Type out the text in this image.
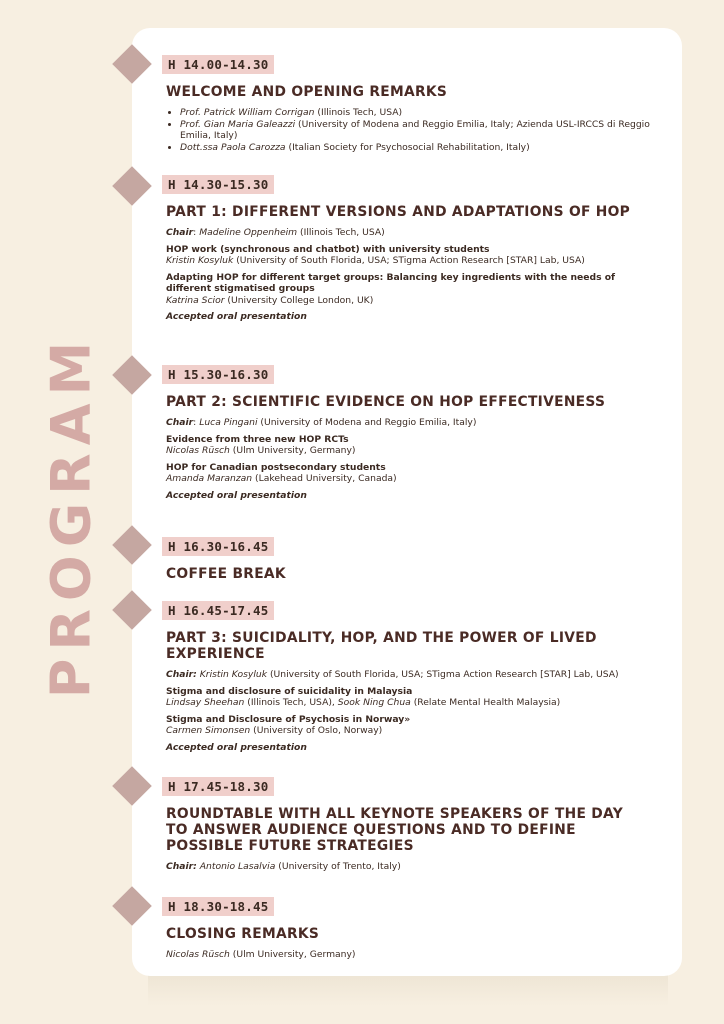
PROGRAM
H 14.00-14.30
WELCOME AND OPENING REMARKS
• Prof. Patrick William Corrigan (Illinois Tech, USA)
• Prof. Gian Maria Galeazzi (University of Modena and Reggio Emilia, Italy; Azienda USL-IRCCS di Reggio Emilia, Italy)
• Dott.ssa Paola Carozza (Italian Society for Psychosocial Rehabilitation, Italy)
H 14.30-15.30
PART 1: DIFFERENT VERSIONS AND ADAPTATIONS OF HOP

Chair: Madeline Oppenheim (Illinois Tech, USA)

HOP work (synchronous and chatbot) with university students
Kristin Kosyluk (University of South Florida, USA; STigma Action Research [STAR] Lab, USA)

Adapting HOP for different target groups: Balancing key ingredients with the needs of different stigmatised groups
Katrina Scior (University College London, UK)

Accepted oral presentation

H 15.30-16.30
PART 2: SCIENTIFIC EVIDENCE ON HOP EFFECTIVENESS

Chair: Luca Pingani (University of Modena and Reggio Emilia, Italy)

Evidence from three new HOP RCTs
Nicolas Rüsch (Ulm University, Germany)

HOP for Canadian postsecondary students
Amanda Maranzan (Lakehead University, Canada)

Accepted oral presentation

H 16.30-16.45
COFFEE BREAK
H 16.45-17.45
PART 3: SUICIDALITY, HOP, AND THE POWER OF LIVED EXPERIENCE

Chair: Kristin Kosyluk (University of South Florida, USA; STigma Action Research [STAR] Lab, USA)

Stigma and disclosure of suicidality in Malaysia
Lindsay Sheehan (Illinois Tech, USA), Sook Ning Chua (Relate Mental Health Malaysia)

Stigma and Disclosure of Psychosis in Norway»
Carmen Simonsen (University of Oslo, Norway)

Accepted oral presentation

H 17.45-18.30
ROUNDTABLE WITH ALL KEYNOTE SPEAKERS OF THE DAY TO ANSWER AUDIENCE QUESTIONS AND TO DEFINE POSSIBLE FUTURE STRATEGIES

Chair: Antonio Lasalvia (University of Trento, Italy)

H 18.30-18.45
CLOSING REMARKS

Nicolas Rüsch (Ulm University, Germany)
